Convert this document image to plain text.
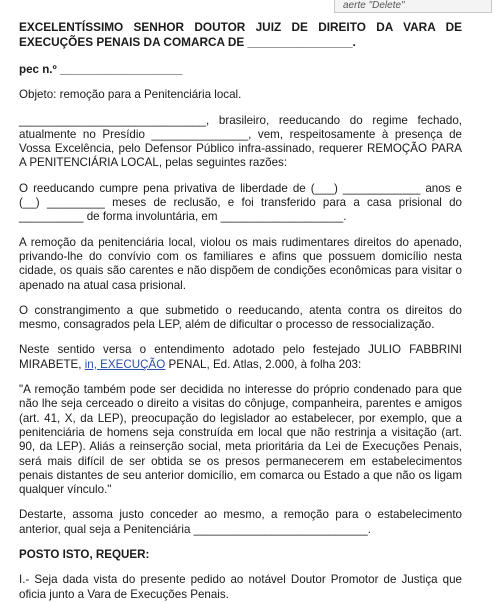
aerte "Delete"

EXCELENTÍSSIMO SENHOR DOUTOR JUIZ DE DIREITO DA VARA DE EXECUÇÕES PENAIS DA COMARCA DE ________________.

pec n.º ___________________

Objeto: remoção para a Penitenciária local.

_____________________________, brasileiro, reeducando do regime fechado, atualmente no Presídio _______________, vem, respeitosamente à presença de Vossa Excelência, pelo Defensor Público infra-assinado, requerer REMOÇÃO PARA A PENITENCIÁRIA LOCAL, pelas seguintes razões:

O reeducando cumpre pena privativa de liberdade de (___) ____________ anos e (__) _________ meses de reclusão, e foi transferido para a casa prisional do __________ de forma involuntária, em ___________________.

A remoção da penitenciária local, violou os mais rudimentares direitos do apenado, privando-lhe do convívio com os familiares e afins que possuem domicílio nesta cidade, os quais são carentes e não dispõem de condições econômicas para visitar o apenado na atual casa prisional.

O constrangimento a que submetido o reeducando, atenta contra os direitos do mesmo, consagrados pela LEP, além de dificultar o processo de ressocialização.

Neste sentido versa o entendimento adotado pelo festejado JULIO FABBRINI MIRABETE, in, EXECUÇÃO PENAL, Ed. Atlas, 2.000, à folha 203:

"A remoção também pode ser decidida no interesse do próprio condenado para que não lhe seja cerceado o direito a visitas do cônjuge, companheira, parentes e amigos (art. 41, X, da LEP), preocupação do legislador ao estabelecer, por exemplo, que a penitenciária de homens seja construída em local que não restrinja a visitação (art. 90, da LEP). Aliás a reinserção social, meta prioritária da Lei de Execuções Penais, será mais difícil de ser obtida se os presos permanecerem em estabelecimentos penais distantes de seu anterior domicílio, em comarca ou Estado a que não os ligam qualquer vínculo."

Destarte, assoma justo conceder ao mesmo, a remoção para o estabelecimento anterior, qual seja a Penitenciária ___________________________.

POSTO ISTO, REQUER:

I.- Seja dada vista do presente pedido ao notável Doutor Promotor de Justiça que oficia junto a Vara de Execuções Penais.
